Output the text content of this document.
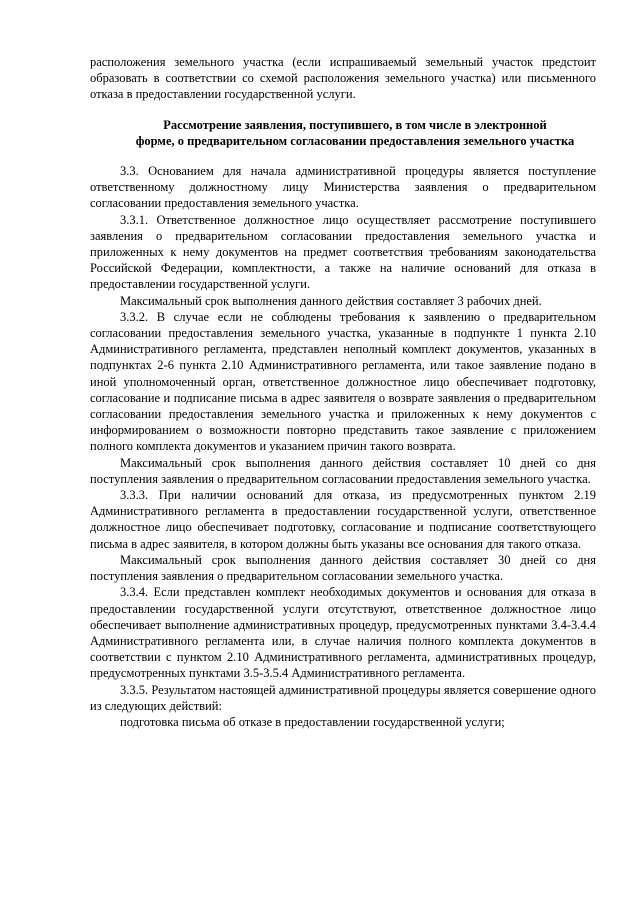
расположения земельного участка (если испрашиваемый земельный участок предстоит образовать в соответствии со схемой расположения земельного участка) или письменного отказа в предоставлении государственной услуги.

Рассмотрение заявления, поступившего, в том числе в электронной
форме, о предварительном согласовании предоставления земельного участка

3.3. Основанием для начала административной процедуры является поступление ответственному должностному лицу Министерства заявления о предварительном согласовании предоставления земельного участка.

3.3.1. Ответственное должностное лицо осуществляет рассмотрение поступившего заявления о предварительном согласовании предоставления земельного участка и приложенных к нему документов на предмет соответствия требованиям законодательства Российской Федерации, комплектности, а также на наличие оснований для отказа в предоставлении государственной услуги.

Максимальный срок выполнения данного действия составляет 3 рабочих дней.

3.3.2. В случае если не соблюдены требования к заявлению о предварительном согласовании предоставления земельного участка, указанные в подпункте 1 пункта 2.10 Административного регламента, представлен неполный комплект документов, указанных в подпунктах 2-6 пункта 2.10 Административного регламента, или такое заявление подано в иной уполномоченный орган, ответственное должностное лицо обеспечивает подготовку, согласование и подписание письма в адрес заявителя о возврате заявления о предварительном согласовании предоставления земельного участка и приложенных к нему документов с информированием о возможности повторно представить такое заявление с приложением полного комплекта документов и указанием причин такого возврата.

Максимальный срок выполнения данного действия составляет 10 дней со дня поступления заявления о предварительном согласовании предоставления земельного участка.

3.3.3. При наличии оснований для отказа, из предусмотренных пунктом 2.19 Административного регламента в предоставлении государственной услуги, ответственное должностное лицо обеспечивает подготовку, согласование и подписание соответствующего письма в адрес заявителя, в котором должны быть указаны все основания для такого отказа.

Максимальный срок выполнения данного действия составляет 30 дней со дня поступления заявления о предварительном согласовании земельного участка.

3.3.4. Если представлен комплект необходимых документов и основания для отказа в предоставлении государственной услуги отсутствуют, ответственное должностное лицо обеспечивает выполнение административных процедур, предусмотренных пунктами 3.4-3.4.4 Административного регламента или, в случае наличия полного комплекта документов в соответствии с пунктом 2.10 Административного регламента, административных процедур, предусмотренных пунктами 3.5-3.5.4 Административного регламента.

3.3.5. Результатом настоящей административной процедуры является совершение одного из следующих действий:

подготовка письма об отказе в предоставлении государственной услуги;
